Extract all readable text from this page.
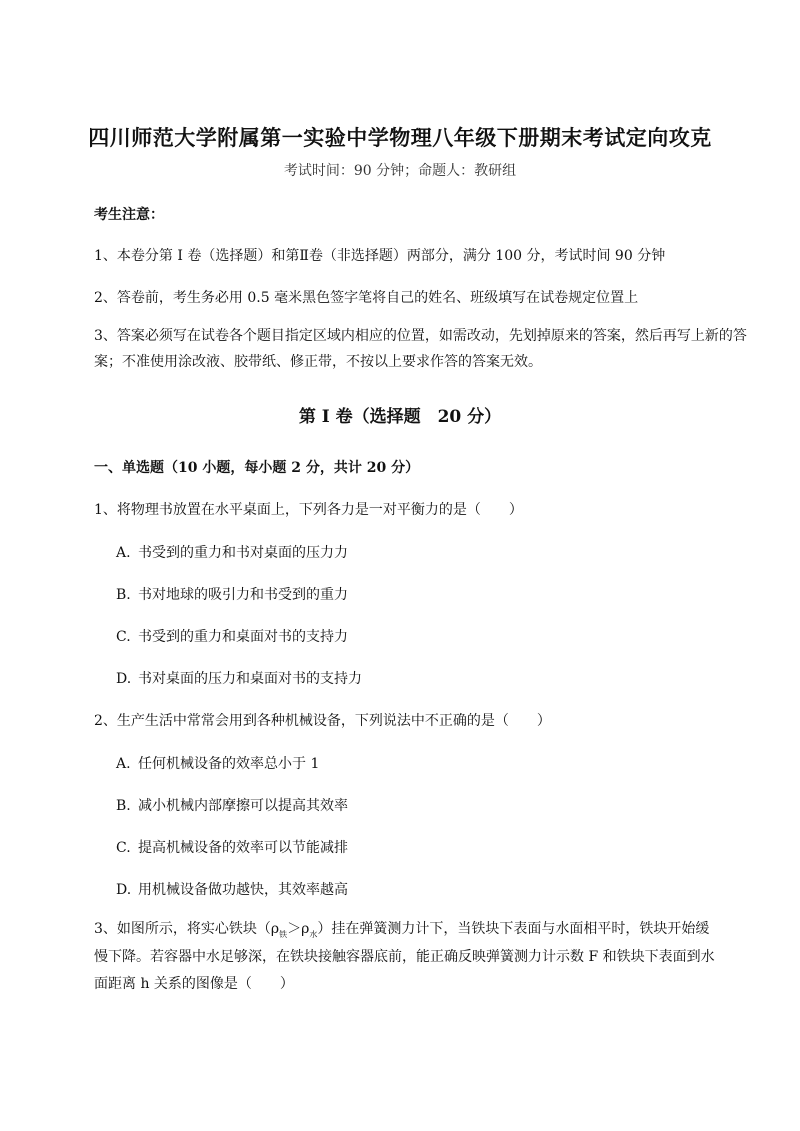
四川师范大学附属第一实验中学物理八年级下册期末考试定向攻克
考试时间：90 分钟；命题人：教研组
考生注意：
1、本卷分第 I 卷（选择题）和第Ⅱ卷（非选择题）两部分，满分 100 分，考试时间 90 分钟
2、答卷前，考生务必用 0.5 毫米黑色签字笔将自己的姓名、班级填写在试卷规定位置上
3、答案必须写在试卷各个题目指定区域内相应的位置，如需改动，先划掉原来的答案，然后再写上新的答案；不准使用涂改液、胶带纸、修正带，不按以上要求作答的答案无效。
第 I 卷（选择题　20 分）
一、单选题（10 小题，每小题 2 分，共计 20 分）
1、将物理书放置在水平桌面上，下列各力是一对平衡力的是（　　）
A. 书受到的重力和书对桌面的压力力
B. 书对地球的吸引力和书受到的重力
C. 书受到的重力和桌面对书的支持力
D. 书对桌面的压力和桌面对书的支持力
2、生产生活中常常会用到各种机械设备，下列说法中不正确的是（　　）
A. 任何机械设备的效率总小于 1
B. 减小机械内部摩擦可以提高其效率
C. 提高机械设备的效率可以节能减排
D. 用机械设备做功越快，其效率越高
3、如图所示，将实心铁块$(\rho_铁>\rho_水)$挂在弹簧测力计下，当铁块下表面与水面相平时，铁块开始缓
慢下降。若容器中水足够深，在铁块接触容器底前，能正确反映弹簧测力计示数 F 和铁块下表面到水
面距离 h 关系的图像是（　　）
